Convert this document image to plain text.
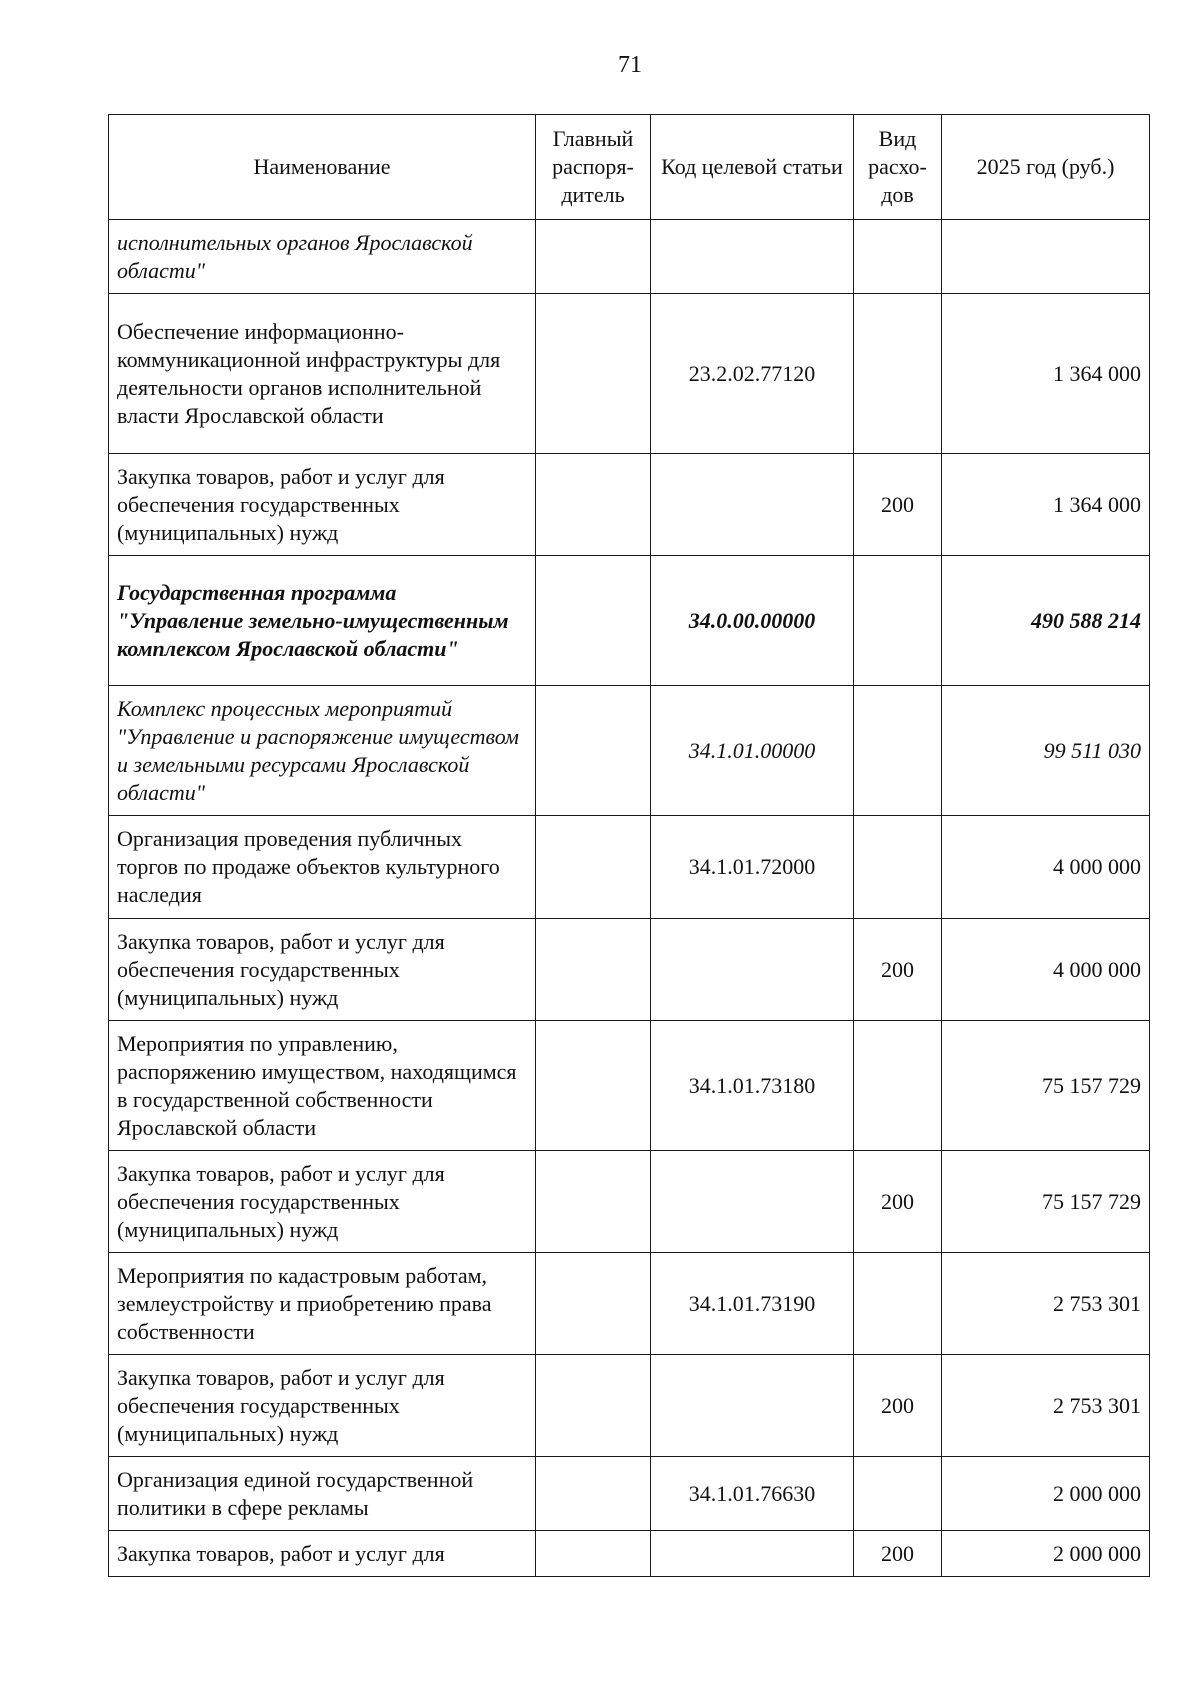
71
Наименование	Главный распоря-дитель	Код целевой статьи	Вид расхо-дов	2025 год (руб.)
исполнительных органов Ярославской области"				
Обеспечение информационно-коммуникационной инфраструктуры для деятельности органов исполнительной власти Ярославской области		23.2.02.77120		1 364 000
Закупка товаров, работ и услуг для обеспечения государственных (муниципальных) нужд			200	1 364 000
Государственная программа "Управление земельно-имущественным комплексом Ярославской области"		34.0.00.00000		490 588 214
Комплекс процессных мероприятий "Управление и распоряжение имуществом и земельными ресурсами Ярославской области"		34.1.01.00000		99 511 030
Организация проведения публичных торгов по продаже объектов культурного наследия		34.1.01.72000		4 000 000
Закупка товаров, работ и услуг для обеспечения государственных (муниципальных) нужд			200	4 000 000
Мероприятия по управлению, распоряжению имуществом, находящимся в государственной собственности Ярославской области		34.1.01.73180		75 157 729
Закупка товаров, работ и услуг для обеспечения государственных (муниципальных) нужд			200	75 157 729
Мероприятия по кадастровым работам, землеустройству и приобретению права собственности		34.1.01.73190		2 753 301
Закупка товаров, работ и услуг для обеспечения государственных (муниципальных) нужд			200	2 753 301
Организация единой государственной политики в сфере рекламы		34.1.01.76630		2 000 000
Закупка товаров, работ и услуг для			200	2 000 000
